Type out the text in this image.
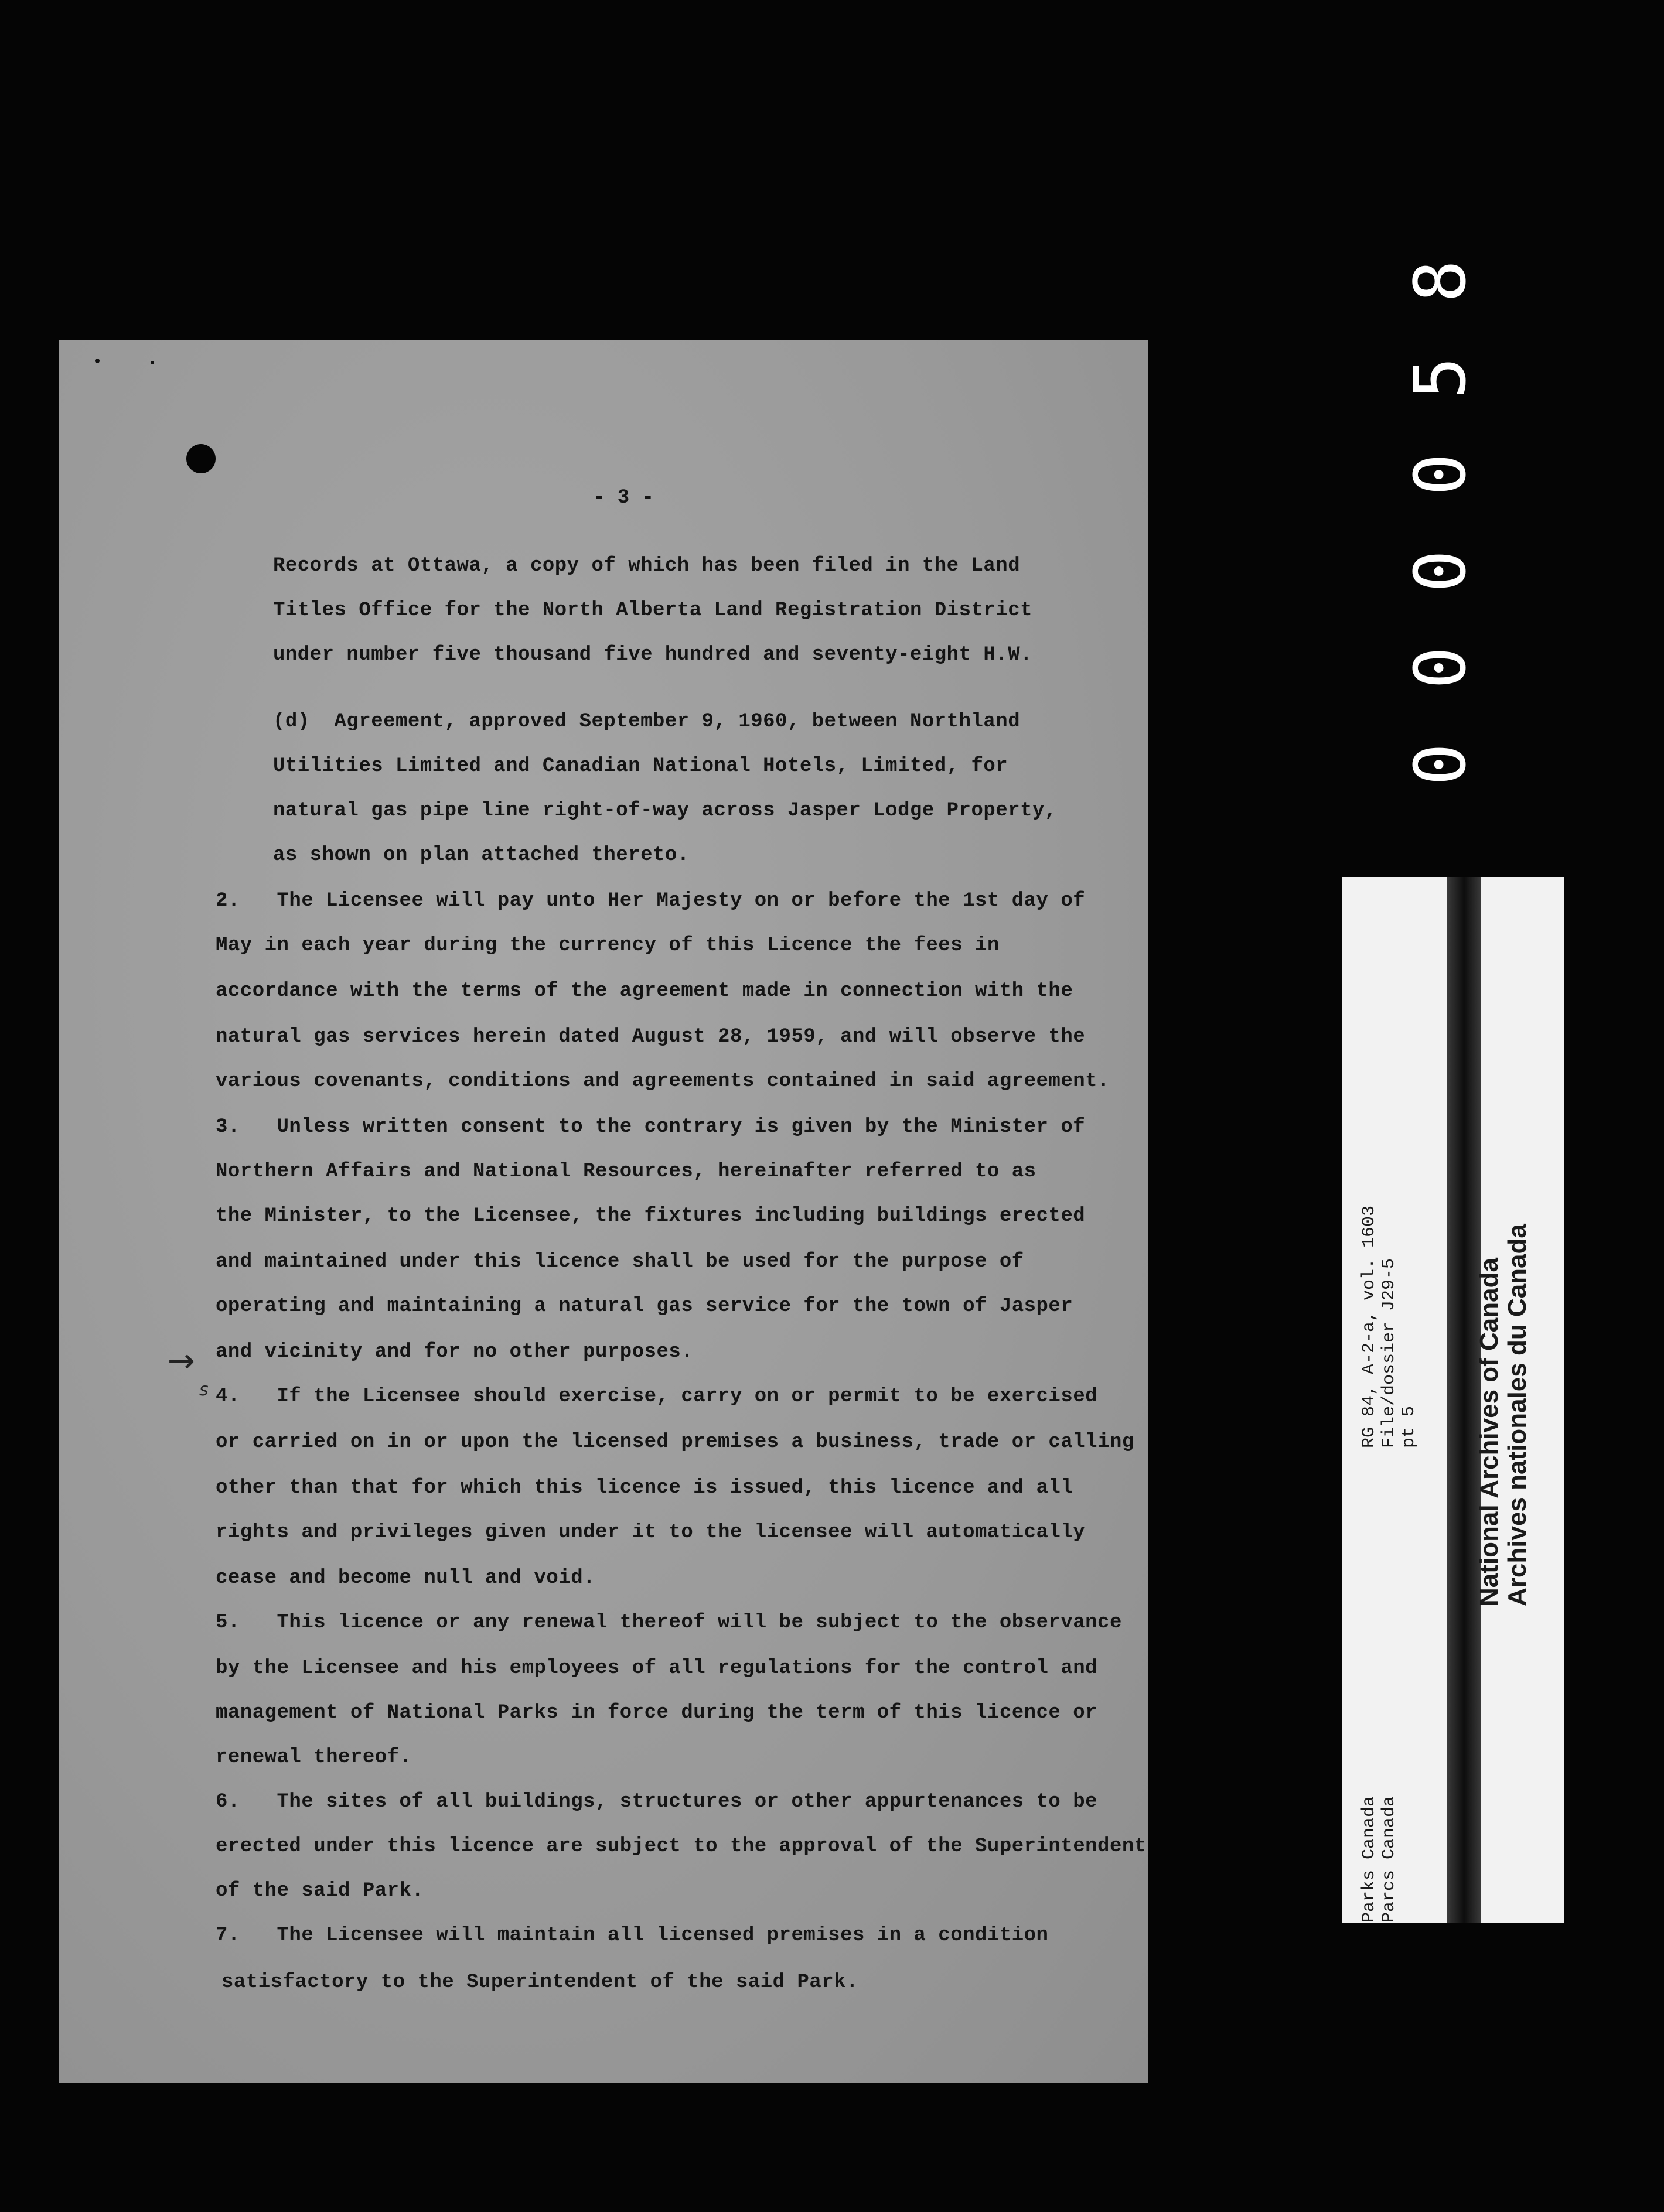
- 3 -
Records at Ottawa, a copy of which has been filed in the Land
Titles Office for the North Alberta Land Registration District
under number five thousand five hundred and seventy-eight H.W.
(d)  Agreement, approved September 9, 1960, between Northland
Utilities Limited and Canadian National Hotels, Limited, for
natural gas pipe line right-of-way across Jasper Lodge Property,
as shown on plan attached thereto.
2.   The Licensee will pay unto Her Majesty on or before the 1st day of
May in each year during the currency of this Licence the fees in
accordance with the terms of the agreement made in connection with the
natural gas services herein dated August 28, 1959, and will observe the
various covenants, conditions and agreements contained in said agreement.
3.   Unless written consent to the contrary is given by the Minister of
Northern Affairs and National Resources, hereinafter referred to as
the Minister, to the Licensee, the fixtures including buildings erected
and maintained under this licence shall be used for the purpose of
operating and maintaining a natural gas service for the town of Jasper
and vicinity and for no other purposes.
→
s 4.   If the Licensee should exercise, carry on or permit to be exercised
or carried on in or upon the licensed premises a business, trade or calling
other than that for which this licence is issued, this licence and all
rights and privileges given under it to the licensee will automatically
cease and become null and void.
5.   This licence or any renewal thereof will be subject to the observance
by the Licensee and his employees of all regulations for the control and
management of National Parks in force during the term of this licence or
renewal thereof.
6.   The sites of all buildings, structures or other appurtenances to be
erected under this licence are subject to the approval of the Superintendent
of the said Park.
7.   The Licensee will maintain all licensed premises in a condition
satisfactory to the Superintendent of the said Park.
8
5
0
0
0
0
RG 84, A-2-a, vol. 1603 File/dossier J29-5 pt 5
Parks Canada Parcs Canada
National Archives of Canada Archives nationales du Canada
